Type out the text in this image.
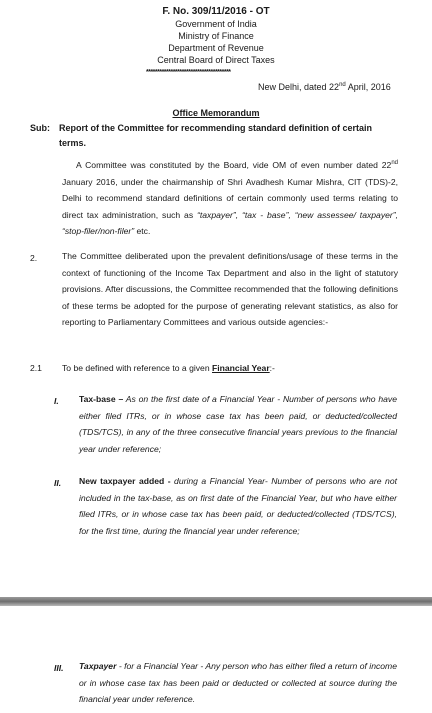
F. No. 309/11/2016 - OT
Government of India
Ministry of Finance
Department of Revenue
Central Board of Direct Taxes
**************************************
New Delhi, dated 22nd April, 2016
Office Memorandum
Sub: Report of the Committee for recommending standard definition of certain
terms.
A Committee was constituted by the Board, vide OM of even number dated 22nd January 2016, under the chairmanship of Shri Avadhesh Kumar Mishra, CIT (TDS)-2, Delhi to recommend standard definitions of certain commonly used terms relating to direct tax administration, such as “taxpayer”, “tax - base”, “new assessee/ taxpayer”, “stop-filer/non-filer” etc.
2.	The Committee deliberated upon the prevalent definitions/usage of these terms in the context of functioning of the Income Tax Department and also in the light of statutory provisions. After discussions, the Committee recommended that the following definitions of these terms be adopted for the purpose of generating relevant statistics, as also for reporting to Parliamentary Committees and various outside agencies:-
2.1 To be defined with reference to a given Financial Year:-
I. Tax-base – As on the first date of a Financial Year - Number of persons who have either filed ITRs, or in whose case tax has been paid, or deducted/collected (TDS/TCS), in any of the three consecutive financial years previous to the financial year under reference;
II. New taxpayer added - during a Financial Year- Number of persons who are not included in the tax-base, as on first date of the Financial Year, but who have either filed ITRs, or in whose case tax has been paid, or deducted/collected (TDS/TCS), for the first time, during the financial year under reference;
III. Taxpayer - for a Financial Year - Any person who has either filed a return of income or in whose case tax has been paid or deducted or collected at source during the financial year under reference.
